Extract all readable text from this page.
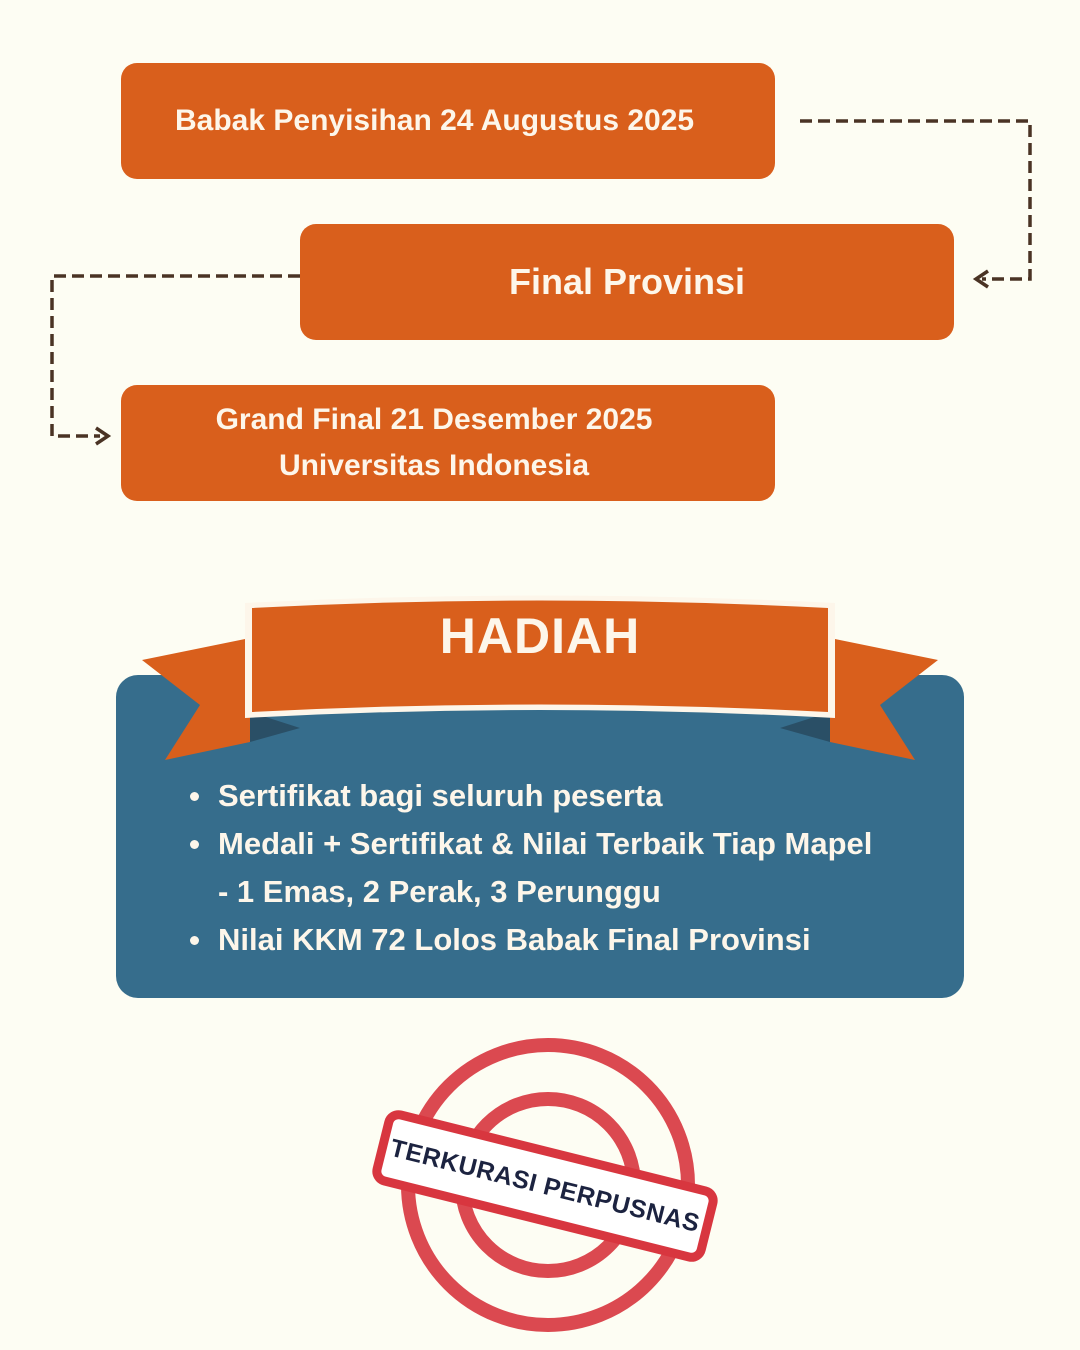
Babak Penyisihan 24 Augustus 2025
Final Provinsi
Grand Final 21 Desember 2025
Universitas Indonesia
HADIAH
Sertifikat bagi seluruh peserta
Medali + Sertifikat & Nilai Terbaik Tiap Mapel
- 1 Emas, 2 Perak, 3 Perunggu
Nilai KKM 72 Lolos Babak Final Provinsi
TERKURASI PERPUSNAS
